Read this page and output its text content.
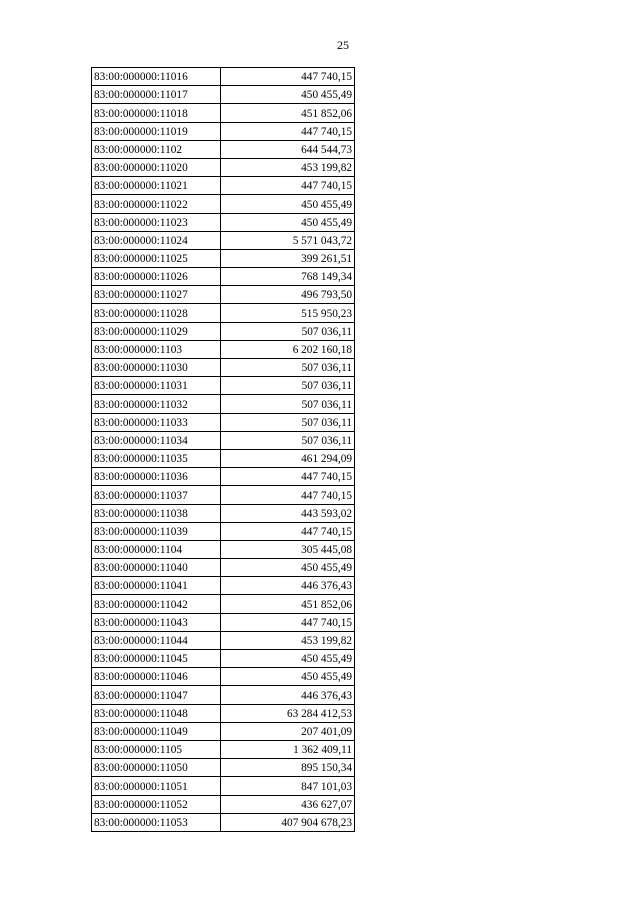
25
83:00:000000:11016	447 740,15
83:00:000000:11017	450 455,49
83:00:000000:11018	451 852,06
83:00:000000:11019	447 740,15
83:00:000000:1102	644 544,73
83:00:000000:11020	453 199,82
83:00:000000:11021	447 740,15
83:00:000000:11022	450 455,49
83:00:000000:11023	450 455,49
83:00:000000:11024	5 571 043,72
83:00:000000:11025	399 261,51
83:00:000000:11026	768 149,34
83:00:000000:11027	496 793,50
83:00:000000:11028	515 950,23
83:00:000000:11029	507 036,11
83:00:000000:1103	6 202 160,18
83:00:000000:11030	507 036,11
83:00:000000:11031	507 036,11
83:00:000000:11032	507 036,11
83:00:000000:11033	507 036,11
83:00:000000:11034	507 036,11
83:00:000000:11035	461 294,09
83:00:000000:11036	447 740,15
83:00:000000:11037	447 740,15
83:00:000000:11038	443 593,02
83:00:000000:11039	447 740,15
83:00:000000:1104	305 445,08
83:00:000000:11040	450 455,49
83:00:000000:11041	446 376,43
83:00:000000:11042	451 852,06
83:00:000000:11043	447 740,15
83:00:000000:11044	453 199,82
83:00:000000:11045	450 455,49
83:00:000000:11046	450 455,49
83:00:000000:11047	446 376,43
83:00:000000:11048	63 284 412,53
83:00:000000:11049	207 401,09
83:00:000000:1105	1 362 409,11
83:00:000000:11050	895 150,34
83:00:000000:11051	847 101,03
83:00:000000:11052	436 627,07
83:00:000000:11053	407 904 678,23
